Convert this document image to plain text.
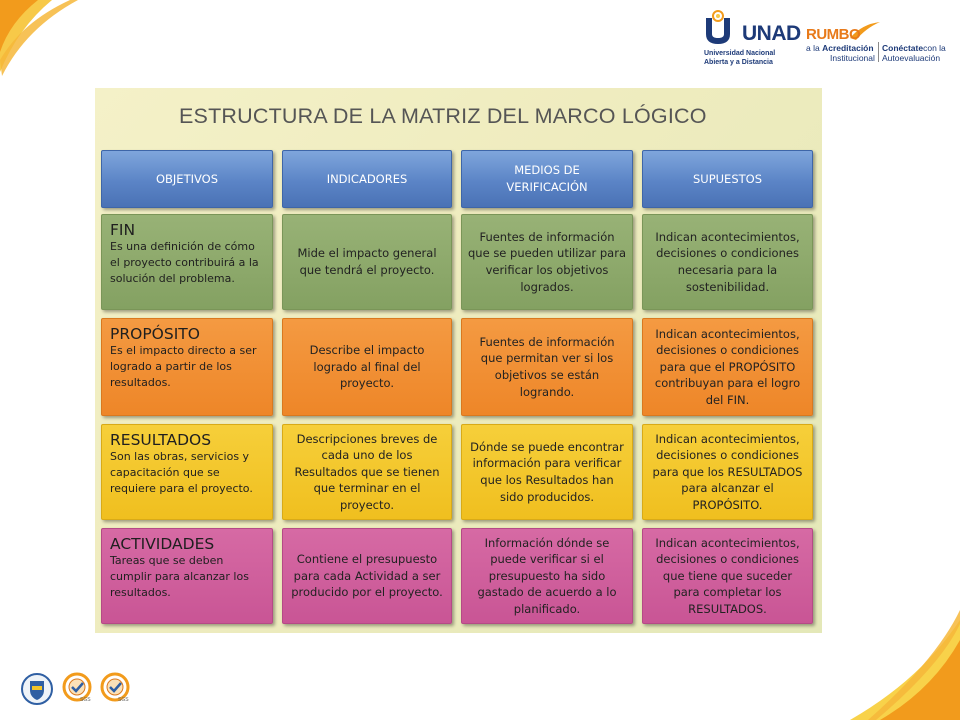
UNAD
Universidad Nacional
Abierta y a Distancia
RUMBO
a la Acreditación
Institucional
Conéctatecon la
Autoevaluación
ESTRUCTURA DE LA MATRIZ DEL MARCO LÓGICO
OBJETIVOS	INDICADORES
MEDIOS DE VERIFICACIÓN
SUPUESTOS
FIN
Es una definición de cómo el proyecto contribuirá a la solución del problema.
Mide el impacto general que tendrá el proyecto.
Fuentes de información que se pueden utilizar para verificar los objetivos logrados.
Indican acontecimientos, decisiones o condiciones necesaria para la sostenibilidad.
PROPÓSITO
Es el impacto directo a ser logrado a partir de los resultados.
Describe el impacto logrado al final del proyecto.
Fuentes de información que permitan ver si los objetivos se están logrando.
Indican acontecimientos, decisiones o condiciones para que el PROPÓSITO contribuyan para el logro del FIN.
RESULTADOS
Son las obras, servicios y capacitación que se requiere para el proyecto.
Descripciones breves de cada uno de los Resultados que se tienen que terminar en el proyecto.
Dónde se puede encontrar información para verificar que los Resultados han sido producidos.
Indican acontecimientos, decisiones o condiciones para que los RESULTADOS para alcanzar el PROPÓSITO.
ACTIVIDADES
Tareas que se deben cumplir para alcanzar los resultados.
Contiene el presupuesto para cada Actividad a ser producido por el proyecto.
Información dónde se puede verificar si el presupuesto ha sido gastado de acuerdo a lo planificado.
Indican acontecimientos, decisiones o condiciones que tiene que suceder para completar los RESULTADOS.
SGS	SGS
